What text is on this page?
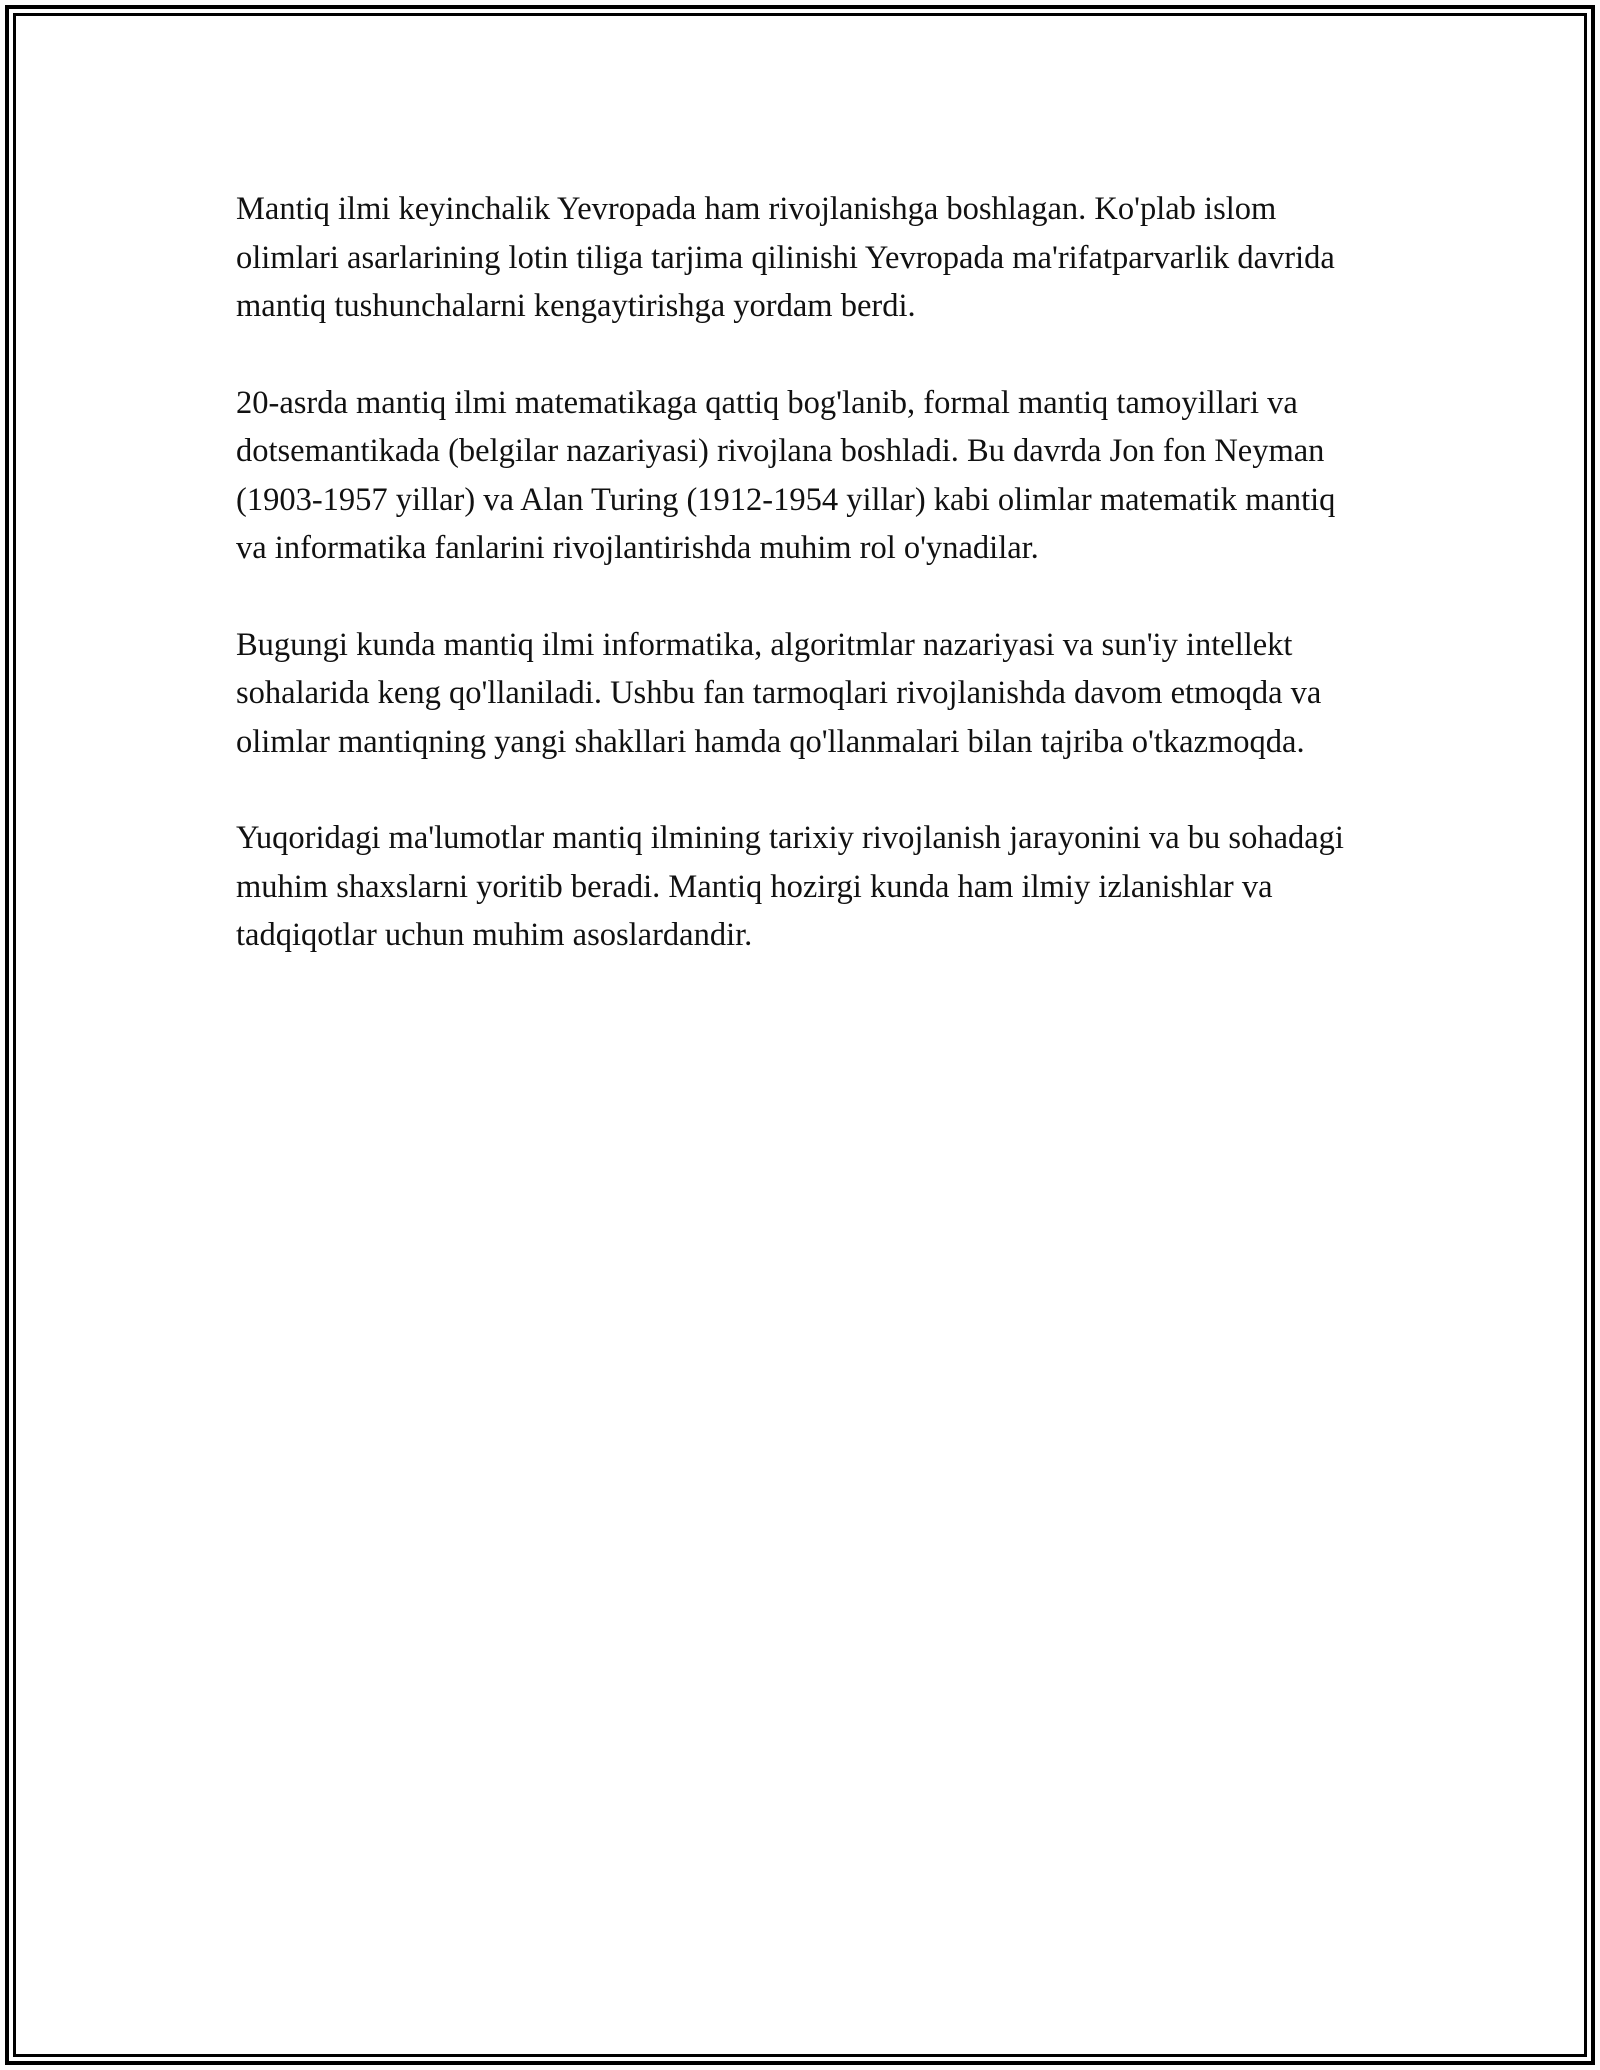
Mantiq ilmi keyinchalik Yevropada ham rivojlanishga boshlagan. Ko'plab islom olimlari asarlarining lotin tiliga tarjima qilinishi Yevropada ma'rifatparvarlik davrida mantiq tushunchalarni kengaytirishga yordam berdi.

20-asrda mantiq ilmi matematikaga qattiq bog'lanib, formal mantiq tamoyillari va dotsemantikada (belgilar nazariyasi) rivojlana boshladi. Bu davrda Jon fon Neyman (1903-1957 yillar) va Alan Turing (1912-1954 yillar) kabi olimlar matematik mantiq va informatika fanlarini rivojlantirishda muhim rol o'ynadilar.

Bugungi kunda mantiq ilmi informatika, algoritmlar nazariyasi va sun'iy intellekt sohalarida keng qo'llaniladi. Ushbu fan tarmoqlari rivojlanishda davom etmoqda va olimlar mantiqning yangi shakllari hamda qo'llanmalari bilan tajriba o'tkazmoqda.

Yuqoridagi ma'lumotlar mantiq ilmining tarixiy rivojlanish jarayonini va bu sohadagi muhim shaxslarni yoritib beradi. Mantiq hozirgi kunda ham ilmiy izlanishlar va tadqiqotlar uchun muhim asoslardandir.
